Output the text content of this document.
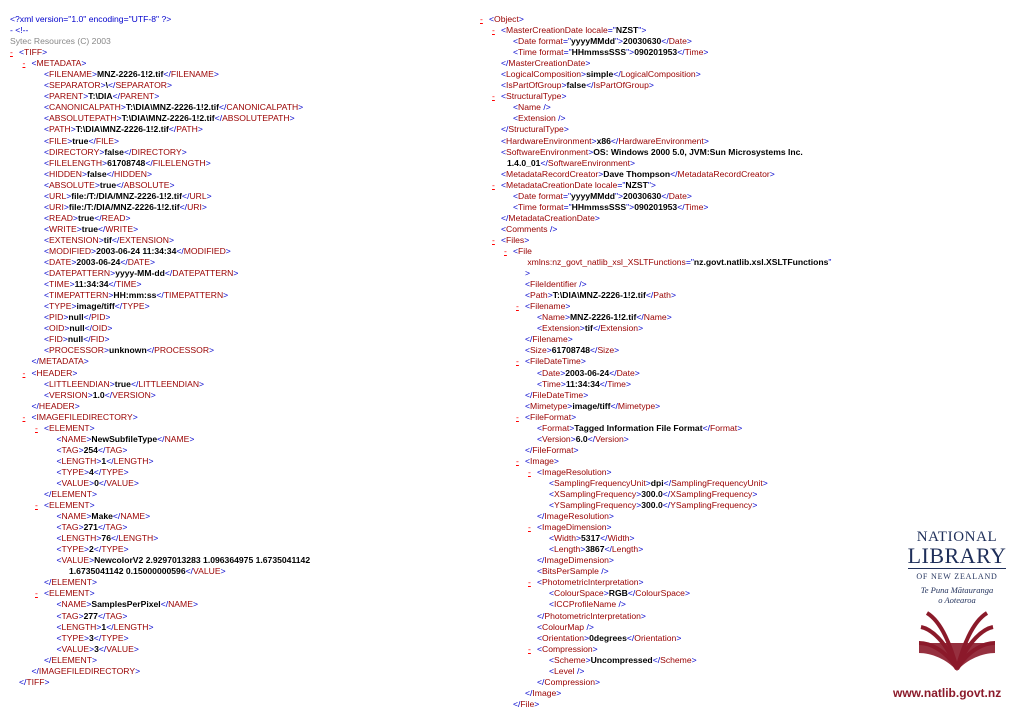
<?xml version="1.0" encoding="UTF-8" ?>
- <!--
Sytec Resources (C) 2003
- <TIFF>
- <METADATA>
<FILENAME>MNZ-2226-1!2.tif</FILENAME>
<SEPARATOR>\</SEPARATOR>
<PARENT>T:\DIA</PARENT>
<CANONICALPATH>T:\DIA\MNZ-2226-1!2.tif</CANONICALPATH>
<ABSOLUTEPATH>T:\DIA\MNZ-2226-1!2.tif</ABSOLUTEPATH>
<PATH>T:\DIA\MNZ-2226-1!2.tif</PATH>
<FILE>true</FILE>
<DIRECTORY>false</DIRECTORY>
<FILELENGTH>61708748</FILELENGTH>
<HIDDEN>false</HIDDEN>
<ABSOLUTE>true</ABSOLUTE>
<URL>file:/T:/DIA/MNZ-2226-1!2.tif</URL>
<URI>file:/T:/DIA/MNZ-2226-1!2.tif</URI>
<READ>true</READ>
<WRITE>true</WRITE>
<EXTENSION>tif</EXTENSION>
<MODIFIED>2003-06-24 11:34:34</MODIFIED>
<DATE>2003-06-24</DATE>
<DATEPATTERN>yyyy-MM-dd</DATEPATTERN>
<TIME>11:34:34</TIME>
<TIMEPATTERN>HH:mm:ss</TIMEPATTERN>
<TYPE>image/tiff</TYPE>
<PID>null</PID>
<OID>null</OID>
<FID>null</FID>
<PROCESSOR>unknown</PROCESSOR>
</METADATA>
- <HEADER>
<LITTLEENDIAN>true</LITTLEENDIAN>
<VERSION>1.0</VERSION>
</HEADER>
- <IMAGEFILEDIRECTORY>
- <ELEMENT>
<NAME>NewSubfileType</NAME>
<TAG>254</TAG>
<LENGTH>1</LENGTH>
<TYPE>4</TYPE>
<VALUE>0</VALUE>
</ELEMENT>
- <ELEMENT>
<NAME>Make</NAME>
<TAG>271</TAG>
<LENGTH>76</LENGTH>
<TYPE>2</TYPE>
<VALUE>NewcolorV2 2.9297013283 1.096364975 1.6735041142
1.6735041142 0.15000000596</VALUE>
</ELEMENT>
- <ELEMENT>
<NAME>SamplesPerPixel</NAME>
<TAG>277</TAG>
<LENGTH>1</LENGTH>
<TYPE>3</TYPE>
<VALUE>3</VALUE>
</ELEMENT>
</IMAGEFILEDIRECTORY>
</TIFF>
- <Object>
- <MasterCreationDate locale="NZST">
<Date format="yyyyMMdd">20030630</Date>
<Time format="HHmmssSSS">090201953</Time>
</MasterCreationDate>
<LogicalComposition>simple</LogicalComposition>
<IsPartOfGroup>false</IsPartOfGroup>
- <StructuralType>
<Name />
<Extension />
</StructuralType>
<HardwareEnvironment>x86</HardwareEnvironment>
<SoftwareEnvironment>OS: Windows 2000 5.0, JVM:Sun Microsystems Inc.
1.4.0_01</SoftwareEnvironment>
<MetadataRecordCreator>Dave Thompson</MetadataRecordCreator>
- <MetadataCreationDate locale="NZST">
<Date format="yyyyMMdd">20030630</Date>
<Time format="HHmmssSSS">090201953</Time>
</MetadataCreationDate>
<Comments />
- <Files>
- <File
xmlns:nz_govt_natlib_xsl_XSLTFunctions="nz.govt.natlib.xsl.XSLTFunctions"
>
<FileIdentifier />
<Path>T:\DIA\MNZ-2226-1!2.tif</Path>
- <Filename>
<Name>MNZ-2226-1!2.tif</Name>
<Extension>tif</Extension>
</Filename>
<Size>61708748</Size>
- <FileDateTime>
<Date>2003-06-24</Date>
<Time>11:34:34</Time>
</FileDateTime>
<Mimetype>image/tiff</Mimetype>
- <FileFormat>
<Format>Tagged Information File Format</Format>
<Version>6.0</Version>
</FileFormat>
- <Image>
- <ImageResolution>
<SamplingFrequencyUnit>dpi</SamplingFrequencyUnit>
<XSamplingFrequency>300.0</XSamplingFrequency>
<YSamplingFrequency>300.0</YSamplingFrequency>
</ImageResolution>
- <ImageDimension>
<Width>5317</Width>
<Length>3867</Length>
</ImageDimension>
<BitsPerSample />
- <PhotometricInterpretation>
<ColourSpace>RGB</ColourSpace>
<ICCProfileName />
</PhotometricInterpretation>
<ColourMap />
<Orientation>0degrees</Orientation>
- <Compression>
<Scheme>Uncompressed</Scheme>
<Level />
</Compression>
</Image>
</File>
NATIONAL
LIBRARY
OF NEW ZEALAND
Te Puna Mātauranga
o Aotearoa
www.natlib.govt.nz
